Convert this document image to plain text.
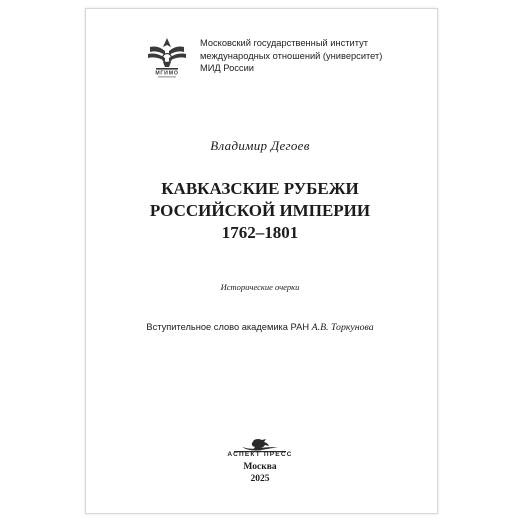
МГИМО
Московский государственный институт
международных отношений (университет)
МИД России
Владимир Дегоев
КАВКАЗСКИЕ РУБЕЖИ
РОССИЙСКОЙ ИМПЕРИИ
1762–1801
Исторические очерки
Вступительное слово академика РАН А.В. Торкунова
АСПЕКТ ПРЕСС
Москва
2025
